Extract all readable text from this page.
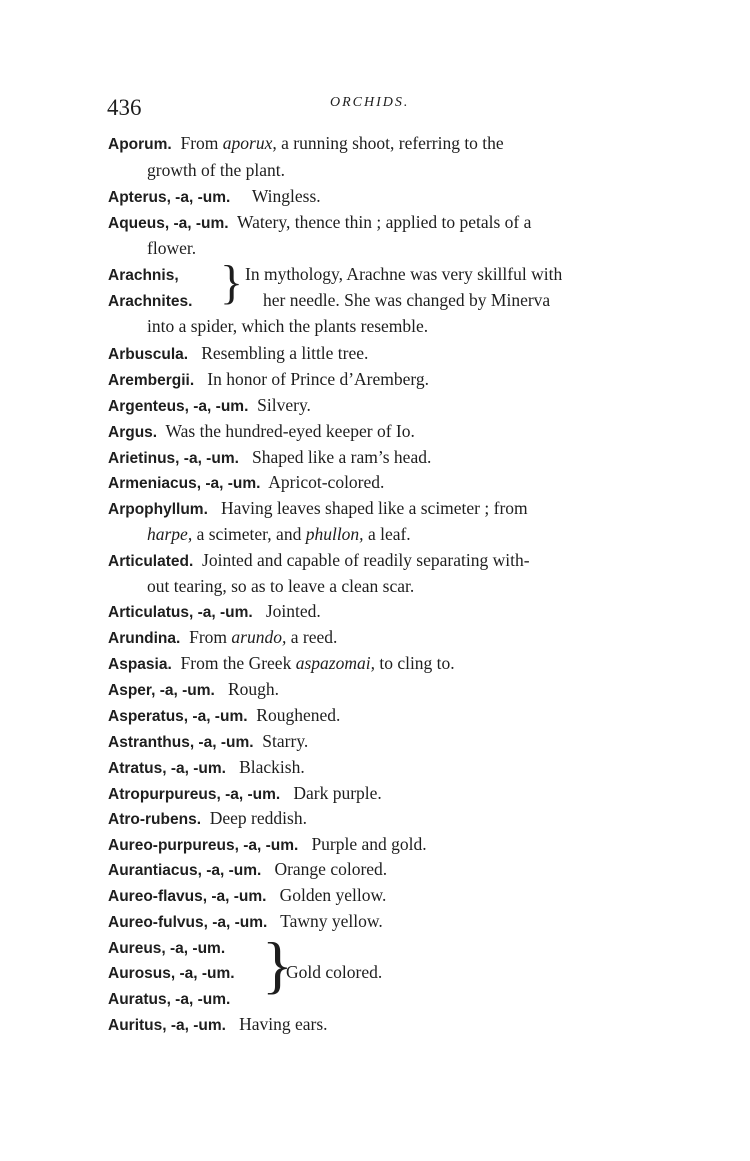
436	ORCHIDS.
Aporum. From aporux, a running shoot, referring to the
growth of the plant.
Apterus, -a, -um. Wingless.
Aqueus, -a, -um. Watery, thence thin ; applied to petals of a
flower.
Arachnis,	In mythology, Arachne was very skillful with
Arachnites. } her needle. She was changed by Minerva
into a spider, which the plants resemble.
Arbuscula. Resembling a little tree.
Arembergii. In honor of Prince d’Aremberg.
Argenteus, -a, -um. Silvery.
Argus. Was the hundred-eyed keeper of Io.
Arietinus, -a, -um. Shaped like a ram’s head.
Armeniacus, -a, -um. Apricot-colored.
Arpophyllum. Having leaves shaped like a scimeter ; from
harpe, a scimeter, and phullon, a leaf.
Articulated. Jointed and capable of readily separating with-
out tearing, so as to leave a clean scar.
Articulatus, -a, -um. Jointed.
Arundina. From arundo, a reed.
Aspasia. From the Greek aspazomai, to cling to.
Asper, -a, -um. Rough.
Asperatus, -a, -um. Roughened.
Astranthus, -a, -um. Starry.
Atratus, -a, -um. Blackish.
Atropurpureus, -a, -um. Dark purple.
Atro-rubens. Deep reddish.
Aureo-purpureus, -a, -um. Purple and gold.
Aurantiacus, -a, -um. Orange colored.
Aureo-flavus, -a, -um. Golden yellow.
Aureo-fulvus, -a, -um. Tawny yellow.
Aureus, -a, -um.
Aurosus, -a, -um.
Auratus, -a, -um. }
Gold colored.
Auritus, -a, -um. Having ears.
